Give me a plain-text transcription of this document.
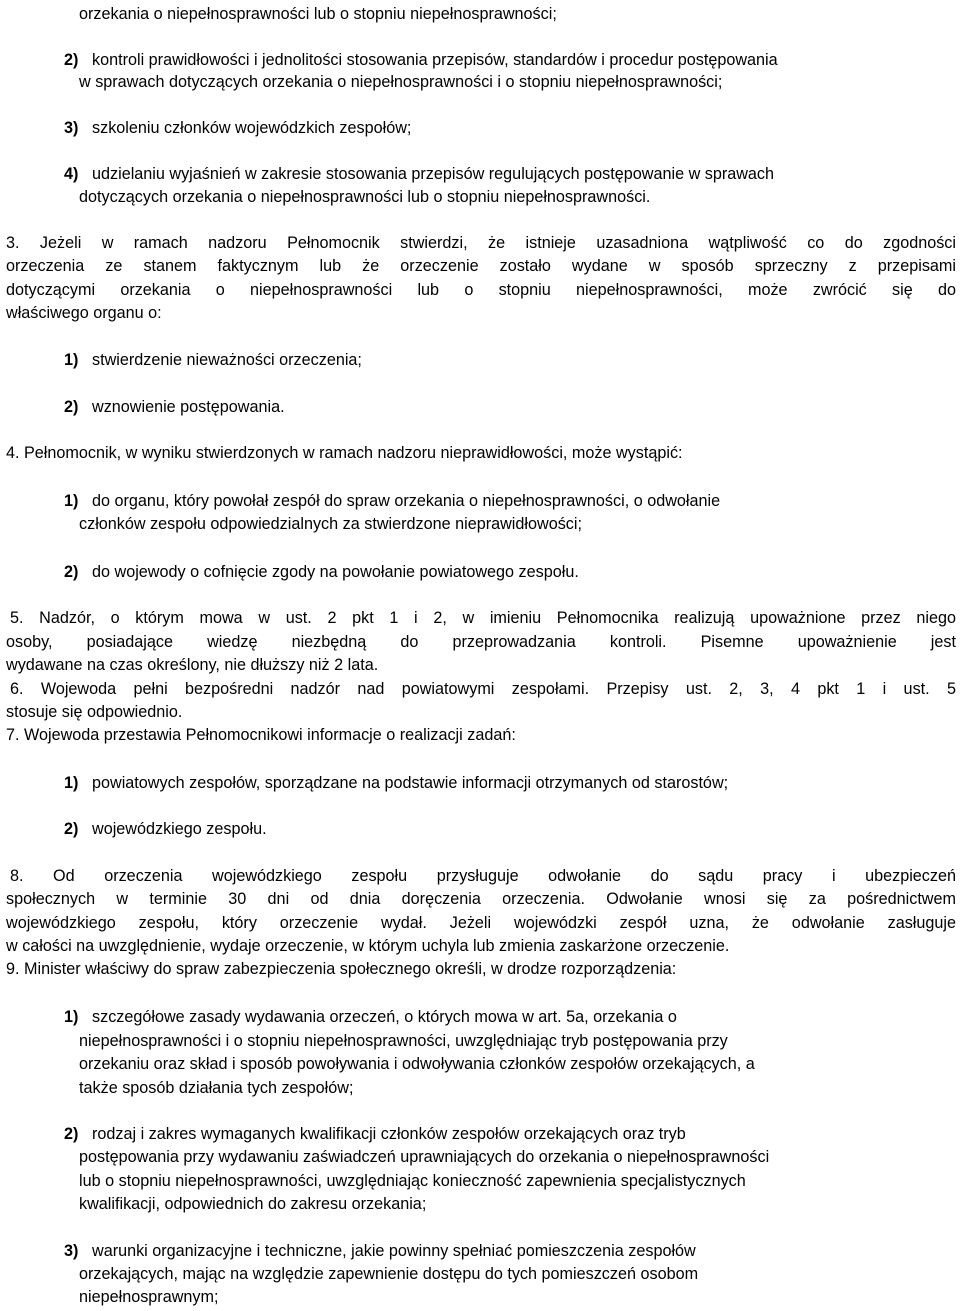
orzekania o niepełnosprawności lub o stopniu niepełnosprawności;
2) kontroli prawidłowości i jednolitości stosowania przepisów, standardów i procedur postępowania
w sprawach dotyczących orzekania o niepełnosprawności i o stopniu niepełnosprawności;
3) szkoleniu członków wojewódzkich zespołów;
4) udzielaniu wyjaśnień w zakresie stosowania przepisów regulujących postępowanie w sprawach
dotyczących orzekania o niepełnosprawności lub o stopniu niepełnosprawności.
3. Jeżeli w ramach nadzoru Pełnomocnik stwierdzi, że istnieje uzasadniona wątpliwość co do zgodności
orzeczenia ze stanem faktycznym lub że orzeczenie zostało wydane w sposób sprzeczny z przepisami
dotyczącymi orzekania o niepełnosprawności lub o stopniu niepełnosprawności, może zwrócić się do
właściwego organu o:
1) stwierdzenie nieważności orzeczenia;
2) wznowienie postępowania.
4. Pełnomocnik, w wyniku stwierdzonych w ramach nadzoru nieprawidłowości, może wystąpić:
1) do organu, który powołał zespół do spraw orzekania o niepełnosprawności, o odwołanie
członków zespołu odpowiedzialnych za stwierdzone nieprawidłowości;
2) do wojewody o cofnięcie zgody na powołanie powiatowego zespołu.
5. Nadzór, o którym mowa w ust. 2 pkt 1 i 2, w imieniu Pełnomocnika realizują upoważnione przez niego
osoby, posiadające wiedzę niezbędną do przeprowadzania kontroli. Pisemne upoważnienie jest
wydawane na czas określony, nie dłuższy niż 2 lata.
6. Wojewoda pełni bezpośredni nadzór nad powiatowymi zespołami. Przepisy ust. 2, 3, 4 pkt 1 i ust. 5
stosuje się odpowiednio.
7. Wojewoda przestawia Pełnomocnikowi informacje o realizacji zadań:
1) powiatowych zespołów, sporządzane na podstawie informacji otrzymanych od starostów;
2) wojewódzkiego zespołu.
8. Od orzeczenia wojewódzkiego zespołu przysługuje odwołanie do sądu pracy i ubezpieczeń
społecznych w terminie 30 dni od dnia doręczenia orzeczenia. Odwołanie wnosi się za pośrednictwem
wojewódzkiego zespołu, który orzeczenie wydał. Jeżeli wojewódzki zespół uzna, że odwołanie zasługuje
w całości na uwzględnienie, wydaje orzeczenie, w którym uchyla lub zmienia zaskarżone orzeczenie.
9. Minister właściwy do spraw zabezpieczenia społecznego określi, w drodze rozporządzenia:
1) szczegółowe zasady wydawania orzeczeń, o których mowa w art. 5a, orzekania o
niepełnosprawności i o stopniu niepełnosprawności, uwzględniając tryb postępowania przy
orzekaniu oraz skład i sposób powoływania i odwoływania członków zespołów orzekających, a
także sposób działania tych zespołów;
2) rodzaj i zakres wymaganych kwalifikacji członków zespołów orzekających oraz tryb
postępowania przy wydawaniu zaświadczeń uprawniających do orzekania o niepełnosprawności
lub o stopniu niepełnosprawności, uwzględniając konieczność zapewnienia specjalistycznych
kwalifikacji, odpowiednich do zakresu orzekania;
3) warunki organizacyjne i techniczne, jakie powinny spełniać pomieszczenia zespołów
orzekających, mając na względzie zapewnienie dostępu do tych pomieszczeń osobom
niepełnosprawnym;
